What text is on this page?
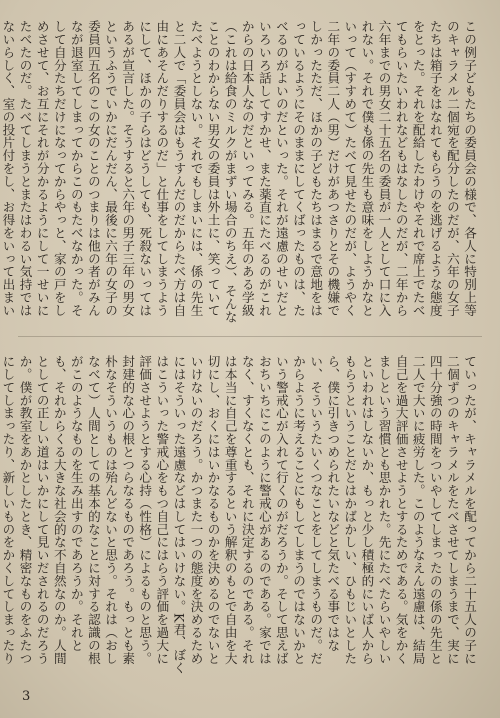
この例子どもたちの委員会の様で、各人に特別上等のキャラメル二個宛を配分したのだが、六年の女子たちは箱子をはなれてもらうのを逃げるような態度をとった。それを配給したわけやそれで席上でたべてもらいたいわれなどもはなしたのだが、二年から六年までの男女二十五名の委員が一人として口に入れない。それで僕も係の先生も意味をしようかなといって（すすめて）たべて見せたのだが、ようやく二年の委員二人（男）だけがあつさりとその機嫌でしかったただ、ほかの子どもたちはまるで意地をはっているようにそのままにしてくばったものは、たべるのがよいのだといった。それが遠慮のせいだといろいろ話してすかせ、また薬直にたべるのがこれからの日本人なのだといってみる。五年のある学級（これは給食のミルクがまずい場合のちえ）、そんなことのわからない男女の委員は外土に、笑っていてたべようとしない。それでもしまいには、係の先生と二人で「委員会はもうすんだのだからたべ方は自由にあそんだりするのだ」と仕事をしてしまうようにして、ほかの子らはどうしても、死殺ないってはあるが宣言した。そうすると六年の男子三年の男女というふうでいかにだんだん、最後に六年の女子の委員四五名のこの女のことのつまりは他の者がみんなが退室してしまってからこのもたべなかった。そして自分たちだけになってからやっと、家の戸をしめさせて、お互にそれが分かるようにして一せいにたべたのだ。たべてしまうとまたはわるい気持ではないらしく、室の投片付をし、お得をいって出まい
ていったが、キャラメルを配ってから二十五人の子に二個ずつのキャラメルをたべさせてしまうまで、実に四十分強の時間をついやしてしまったのの係の先生と二人で大いに疲労した。このようなえん遠慮は、結局自己を過大評価させようとするためである。気をかくましという習慣とも思かれた。先にたべたらいやしいといわれはしないか、もっと少し積極的にいば人からもらうということだとはかばかしい、ひもじいとしたら、僕に引きつめられたいなどと気たべる事ではない、そういうたいくつなことをしてしまうものだ。だからように考えることにもしてしまうのではないかという警戒心が入れて行くのがだろうか。そして思えばおちいちにこのように警戒心があるのである。家ではなく、すくなくとも、それに決定するのである。それは本当に自己を尊重するという解釈のもとで自由を大切にし、おくにはいかなるものかを決めるのでないといけないのだろう。かつまた一つの態度を決めるためにはそういった遠慮などはしてはいけない。K君、ぼくはこういった警戒心をもつ自己にはらう評価を過大に評価させようとする心持（性格）によるものと思う。封建的な心の根とつらなるものであろう。もっとも素朴なそういうものは殆んどないと思う。それは（おしなべて）人間としての基本的なことに対する認識の根がこのようなものを生み出すのであろうか。それとも、それからくる大きな社会的な不自然なのか。人間としての正しい道はいかにして見いだされるのだろうか。僕が教室をあかとしたとき、精密なものをふたつにしてしまったり、新しいものをかくしてしまったり
3
